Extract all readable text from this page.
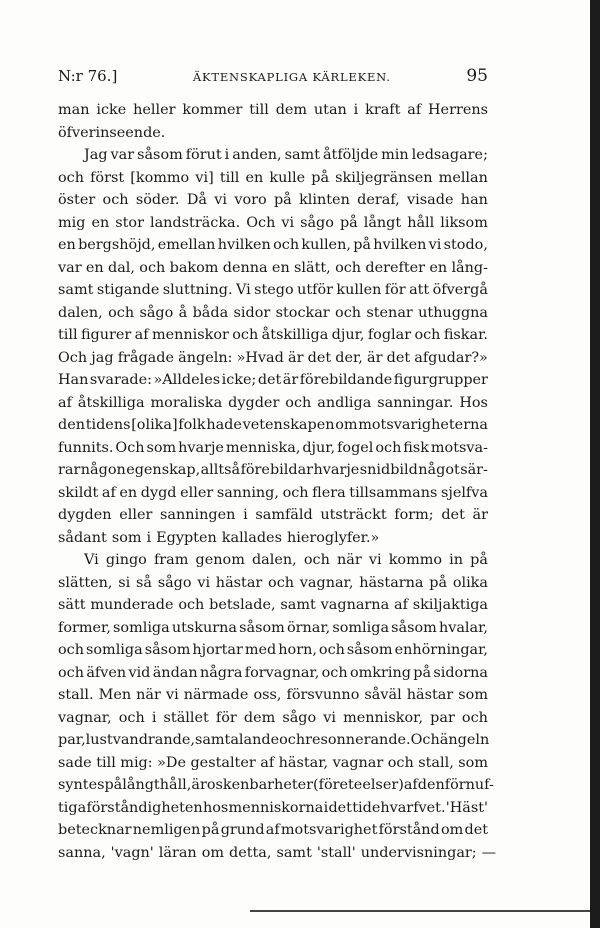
N:r 76.]	ÄKTENSKAPLIGA KÄRLEKEN.	95
man icke heller kommer till dem utan i kraft af Herrens
öfverinseende.
Jag var såsom förut i anden, samt åtföljde min ledsagare;
och först [kommo vi] till en kulle på skiljegränsen mellan
öster och söder. Då vi voro på klinten deraf, visade han
mig en stor landsträcka. Och vi sågo på långt håll liksom
en bergshöjd, emellan hvilken och kullen, på hvilken vi stodo,
var en dal, och bakom denna en slätt, och derefter en lång-
samt stigande sluttning. Vi stego utför kullen för att öfvergå
dalen, och sågo å båda sidor stockar och stenar uthuggna
till figurer af menniskor och åtskilliga djur, foglar och fiskar.
Och jag frågade ängeln: »Hvad är det der, är det afgudar?»
Han svarade: »Alldeles icke; det är förebildande figurgrupper
af åtskilliga moraliska dygder och andliga sanningar. Hos
den tidens [olika] folk hade vetenskapen om motsvarigheterna
funnits. Och som hvarje menniska, djur, fogel och fisk motsva-
rar någon egenskap, alltså förebildar hvarje snidbild något sär-
skildt af en dygd eller sanning, och flera tillsammans sjelfva
dygden eller sanningen i samfäld utsträckt form; det är
sådant som i Egypten kallades hieroglyfer.»
Vi gingo fram genom dalen, och när vi kommo in på
slätten, si så sågo vi hästar och vagnar, hästarna på olika
sätt munderade och betslade, samt vagnarna af skiljaktiga
former, somliga utskurna såsom örnar, somliga såsom hvalar,
och somliga såsom hjortar med horn, och såsom enhörningar,
och äfven vid ändan några forvagnar, och omkring på sidorna
stall. Men när vi närmade oss, försvunno såväl hästar som
vagnar, och i stället för dem sågo vi menniskor, par och
par, lustvandrande, samtalande och resonnerande. Och ängeln
sade till mig: »De gestalter af hästar, vagnar och stall, som
syntes på långt håll, äro skenbarheter (företeelser) af den förnuf-
tiga förståndigheten hos menniskorna i det tidehvarfvet. 'Häst'
betecknar nemligen på grund af motsvarighet förstånd om det
sanna, 'vagn' läran om detta, samt 'stall' undervisningar; —
